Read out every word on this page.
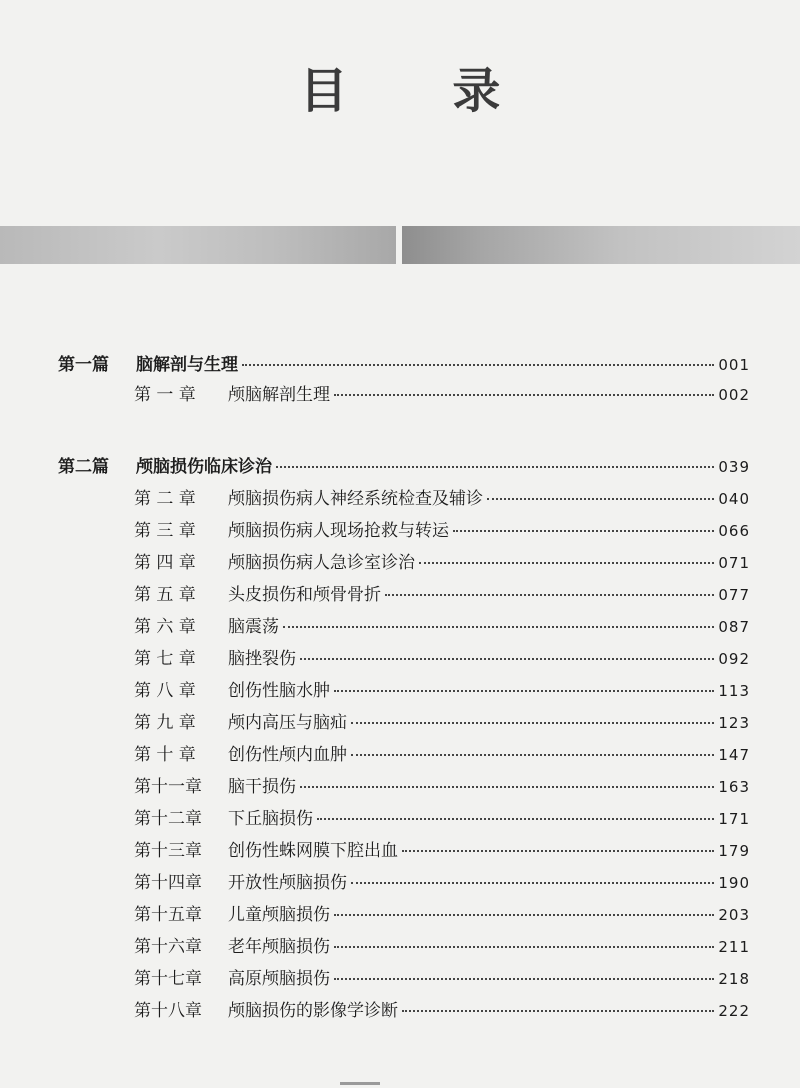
目 录
第一篇	脑解剖与生理	001
第 一 章	颅脑解剖生理	002
第二篇	颅脑损伤临床诊治	039
第 二 章	颅脑损伤病人神经系统检查及辅诊	040
第 三 章	颅脑损伤病人现场抢救与转运	066
第 四 章	颅脑损伤病人急诊室诊治	071
第 五 章	头皮损伤和颅骨骨折	077
第 六 章	脑震荡	087
第 七 章	脑挫裂伤	092
第 八 章	创伤性脑水肿	113
第 九 章	颅内高压与脑疝	123
第 十 章	创伤性颅内血肿	147
第十一章	脑干损伤	163
第十二章	下丘脑损伤	171
第十三章	创伤性蛛网膜下腔出血	179
第十四章	开放性颅脑损伤	190
第十五章	儿童颅脑损伤	203
第十六章	老年颅脑损伤	211
第十七章	高原颅脑损伤	218
第十八章	颅脑损伤的影像学诊断	222
